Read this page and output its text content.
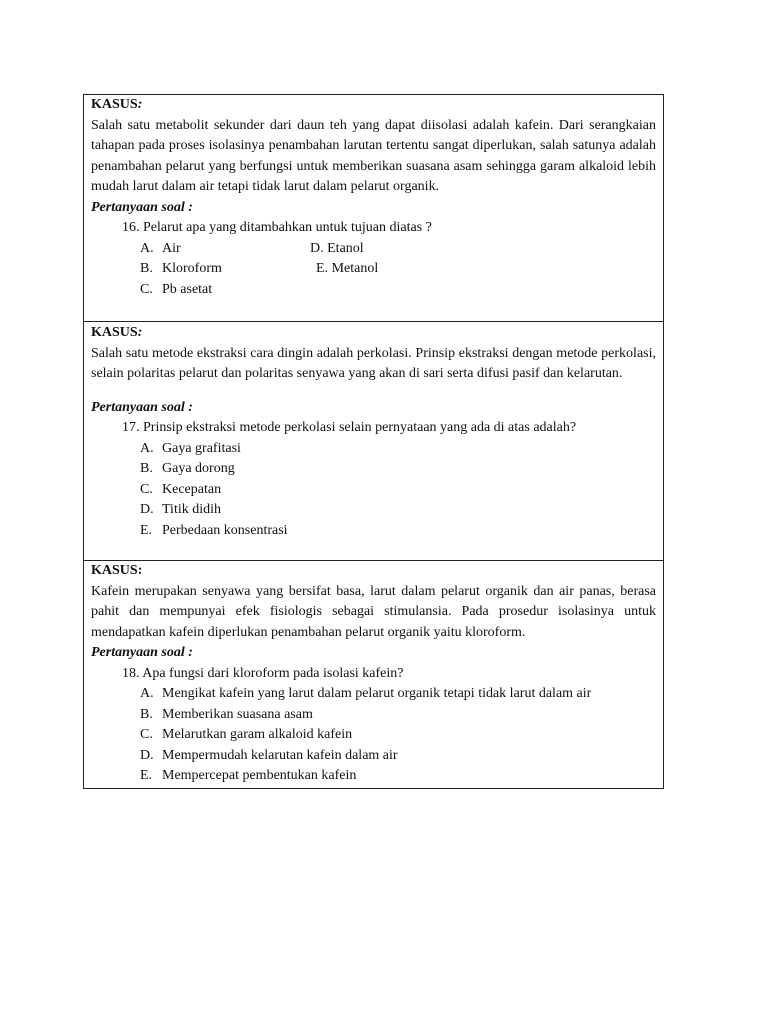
KASUS:

Salah satu metabolit sekunder dari daun teh yang dapat diisolasi adalah kafein. Dari serangkaian tahapan pada proses isolasinya penambahan larutan tertentu sangat diperlukan, salah satunya adalah penambahan pelarut yang berfungsi untuk memberikan suasana asam sehingga garam alkaloid lebih mudah larut dalam air tetapi tidak larut dalam pelarut organik.

Pertanyaan soal :

16. Pelarut apa yang ditambahkan untuk tujuan diatas ?

A. Air	D. Etanol
B. Kloroform	E. Metanol
C. Pb asetat

KASUS:

Salah satu metode ekstraksi cara dingin adalah perkolasi. Prinsip ekstraksi dengan metode perkolasi, selain polaritas pelarut dan polaritas senyawa yang akan di sari serta difusi pasif dan kelarutan.

Pertanyaan soal :

17. Prinsip ekstraksi metode perkolasi selain pernyataan yang ada di atas adalah?

A. Gaya grafitasi
B. Gaya dorong
C. Kecepatan
D. Titik didih
E. Perbedaan konsentrasi

KASUS:

Kafein merupakan senyawa yang bersifat basa, larut dalam pelarut organik dan air panas, berasa pahit dan mempunyai efek fisiologis sebagai stimulansia. Pada prosedur isolasinya untuk mendapatkan kafein diperlukan penambahan pelarut organik yaitu kloroform.

Pertanyaan soal :

18. Apa fungsi dari kloroform pada isolasi kafein?

A. Mengikat kafein yang larut dalam pelarut organik tetapi tidak larut dalam air
B. Memberikan suasana asam
C. Melarutkan garam alkaloid kafein
D. Mempermudah kelarutan kafein dalam air
E. Mempercepat pembentukan kafein
